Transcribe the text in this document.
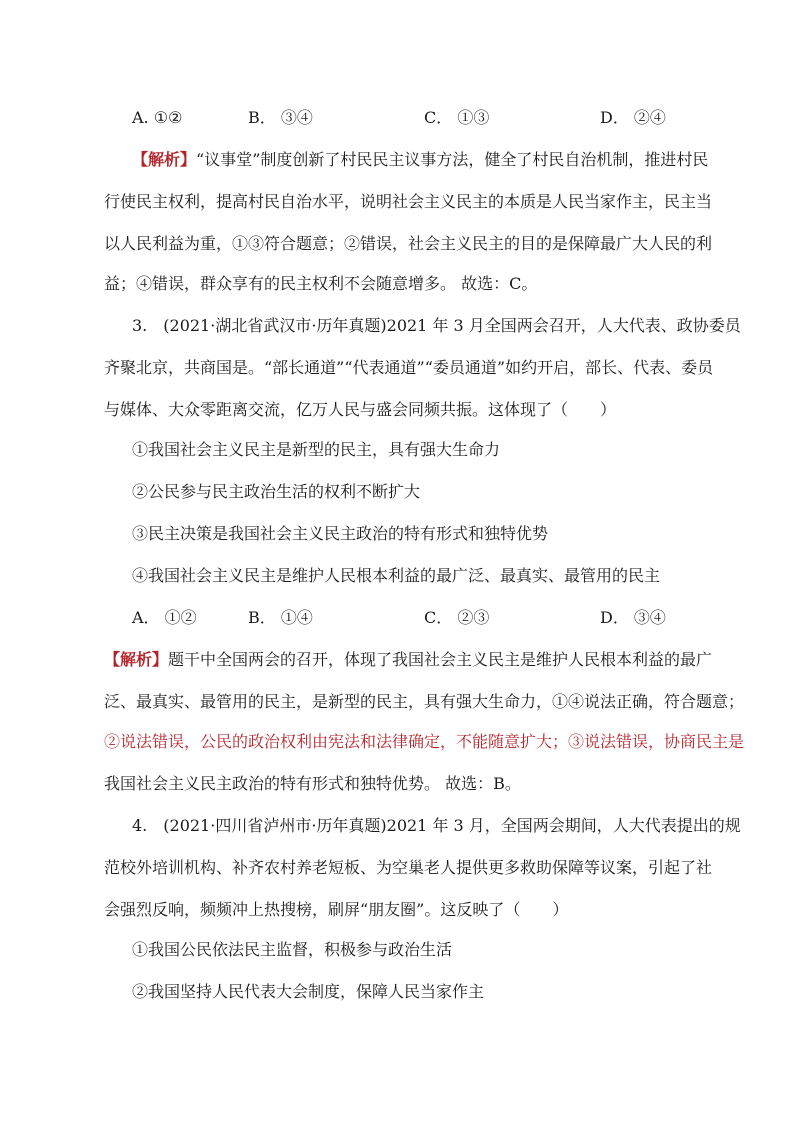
A. ①②	B． ③④	C． ①③	D． ②④
【解析】“议事堂”制度创新了村民民主议事方法，健全了村民自治机制，推进村民
行使民主权利，提高村民自治水平，说明社会主义民主的本质是人民当家作主，民主当
以人民利益为重，①③符合题意；②错误，社会主义民主的目的是保障最广大人民的利
益；④错误，群众享有的民主权利不会随意增多。 故选：C。
3.　(2021·湖北省武汉市·历年真题)2021 年 3 月全国两会召开，人大代表、政协委员
齐聚北京，共商国是。“部长通道”“代表通道”“委员通道”如约开启，部长、代表、委员
与媒体、大众零距离交流，亿万人民与盛会同频共振。这体现了（　　）
①我国社会主义民主是新型的民主，具有强大生命力
②公民参与民主政治生活的权利不断扩大
③民主决策是我国社会主义民主政治的特有形式和独特优势
④我国社会主义民主是维护人民根本利益的最广泛、最真实、最管用的民主
A． ①②	B． ①④	C． ②③	D． ③④
【解析】题干中全国两会的召开，体现了我国社会主义民主是维护人民根本利益的最广
泛、最真实、最管用的民主，是新型的民主，具有强大生命力，①④说法正确，符合题意；
②说法错误，公民的政治权利由宪法和法律确定，不能随意扩大；③说法错误，协商民主是
我国社会主义民主政治的特有形式和独特优势。 故选：B。
4.　(2021·四川省泸州市·历年真题)2021 年 3 月，全国两会期间，人大代表提出的规
范校外培训机构、补齐农村养老短板、为空巢老人提供更多救助保障等议案，引起了社
会强烈反响，频频冲上热搜榜，刷屏“朋友圈”。这反映了（　　）
①我国公民依法民主监督，积极参与政治生活
②我国坚持人民代表大会制度，保障人民当家作主
